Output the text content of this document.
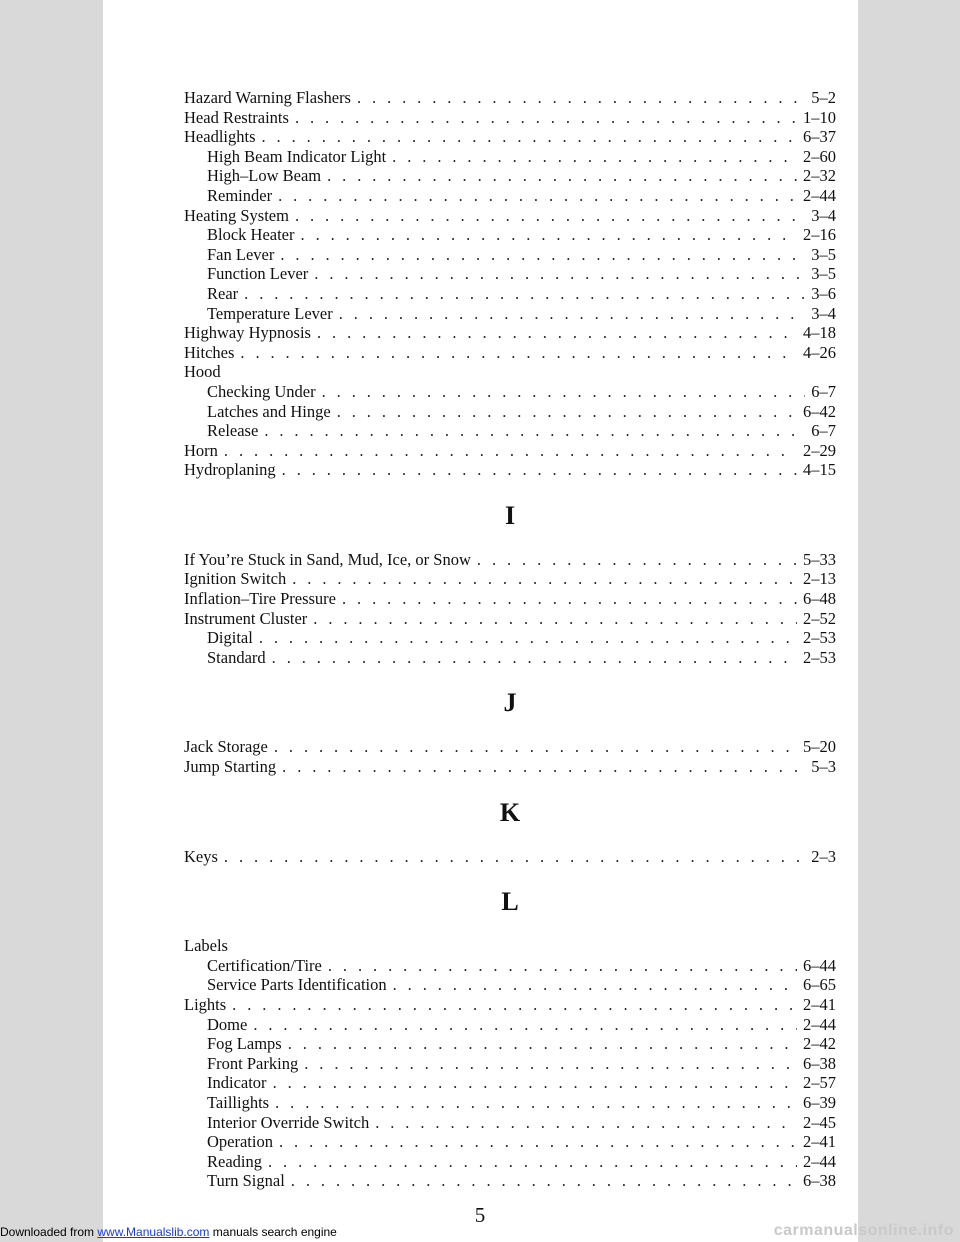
Hazard Warning Flashers . . .	5–2
Head Restraints . . .	1–10
Headlights . . .	6–37
High Beam Indicator Light . . .	2–60
High–Low Beam . . .	2–32
Reminder . . .	2–44
Heating System . . .	3–4
Block Heater . . .	2–16
Fan Lever . . .	3–5
Function Lever . . .	3–5
Rear . . .	3–6
Temperature Lever . . .	3–4
Highway Hypnosis . . .	4–18
Hitches . . .	4–26
Hood
Checking Under . . .	6–7
Latches and Hinge . . .	6–42
Release . . .	6–7
Horn . . .	2–29
Hydroplaning . . .	4–15
I
If You’re Stuck in Sand, Mud, Ice, or Snow . . .	5–33
Ignition Switch . . .	2–13
Inflation–Tire Pressure . . .	6–48
Instrument Cluster . . .	2–52
Digital . . .	2–53
Standard . . .	2–53
J
Jack Storage . . .	5–20
Jump Starting . . .	5–3
K
Keys . . .	2–3
L
Labels
Certification/Tire . . .	6–44
Service Parts Identification . . .	6–65
Lights . . .	2–41
Dome . . .	2–44
Fog Lamps . . .	2–42
Front Parking . . .	6–38
Indicator . . .	2–57
Taillights . . .	6–39
Interior Override Switch . . .	2–45
Operation . . .	2–41
Reading . . .	2–44
Turn Signal . . .	6–38
5
Downloaded from www.Manualslib.com manuals search engine	carmanualsonline.info
